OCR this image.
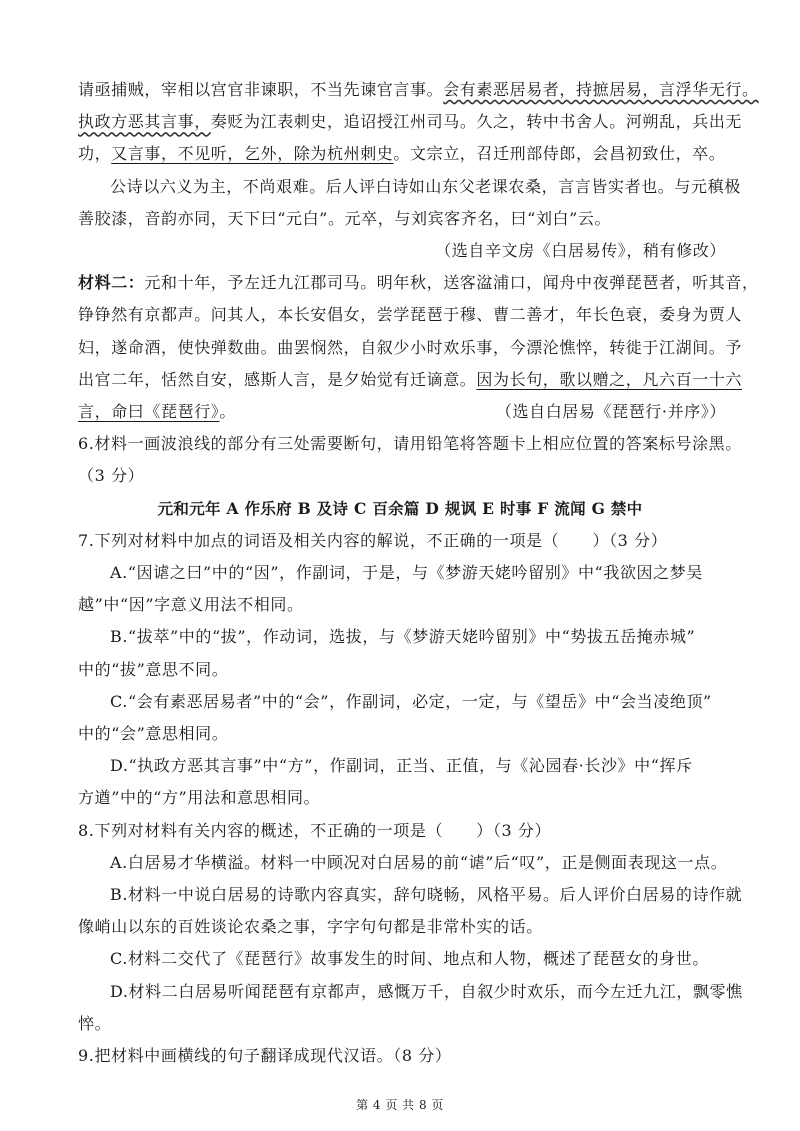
请亟捕贼，宰相以宫官非谏职，不当先谏官言事。会有素恶居易者，持摭居易，言浮华无行。
执政方恶其言事，奏贬为江表刺史，追诏授江州司马。久之，转中书舍人。河朔乱，兵出无
功，又言事，不见听，乞外，除为杭州刺史。文宗立，召迁刑部侍郎，会昌初致仕，卒。
公诗以六义为主，不尚艰难。后人评白诗如山东父老课农桑，言言皆实者也。与元稹极
善胶漆，音韵亦同，天下曰“元白”。元卒，与刘宾客齐名，曰“刘白”云。
（选自辛文房《白居易传》，稍有修改）
材料二：元和十年，予左迁九江郡司马。明年秋，送客湓浦口，闻舟中夜弹琵琶者，听其音，
铮铮然有京都声。问其人，本长安倡女，尝学琵琶于穆、曹二善才，年长色衰，委身为贾人
妇，遂命酒，使快弹数曲。曲罢悯然，自叙少小时欢乐事，今漂沦憔悴，转徙于江湖间。予
出官二年，恬然自安，感斯人言，是夕始觉有迁谪意。因为长句，歌以赠之，凡六百一十六
言，命曰《琵琶行》。	（选自白居易《琵琶行·并序》）
6.材料一画波浪线的部分有三处需要断句，请用铅笔将答题卡上相应位置的答案标号涂黑。
（3 分）
元和元年 A 作乐府 B 及诗 C 百余篇 D 规讽 E 时事 F 流闻 G 禁中
7.下列对材料中加点的词语及相关内容的解说，不正确的一项是（　　）（3 分）
A.“因谑之曰”中的“因”，作副词，于是，与《梦游天姥吟留别》中“我欲因之梦吴
越”中“因”字意义用法不相同。
B.“拔萃”中的“拔”，作动词，选拔，与《梦游天姥吟留别》中“势拔五岳掩赤城”
中的“拔”意思不同。
C.“会有素恶居易者”中的“会”，作副词，必定，一定，与《望岳》中“会当凌绝顶”
中的“会”意思相同。
D.“执政方恶其言事”中“方”，作副词，正当、正值，与《沁园春·长沙》中“挥斥
方遒”中的“方”用法和意思相同。
8.下列对材料有关内容的概述，不正确的一项是（　　）（3 分）
A.白居易才华横溢。材料一中顾况对白居易的前“谑”后“叹”，正是侧面表现这一点。
B.材料一中说白居易的诗歌内容真实，辞句晓畅，风格平易。后人评价白居易的诗作就
第 4 页 共 8 页
像峭山以东的百姓谈论农桑之事，字字句句都是非常朴实的话。
C.材料二交代了《琵琶行》故事发生的时间、地点和人物，概述了琵琶女的身世。
D.材料二白居易听闻琵琶有京都声，感慨万千，自叙少时欢乐，而今左迁九江，飘零憔
悴。
9.把材料中画横线的句子翻译成现代汉语。（8 分）
